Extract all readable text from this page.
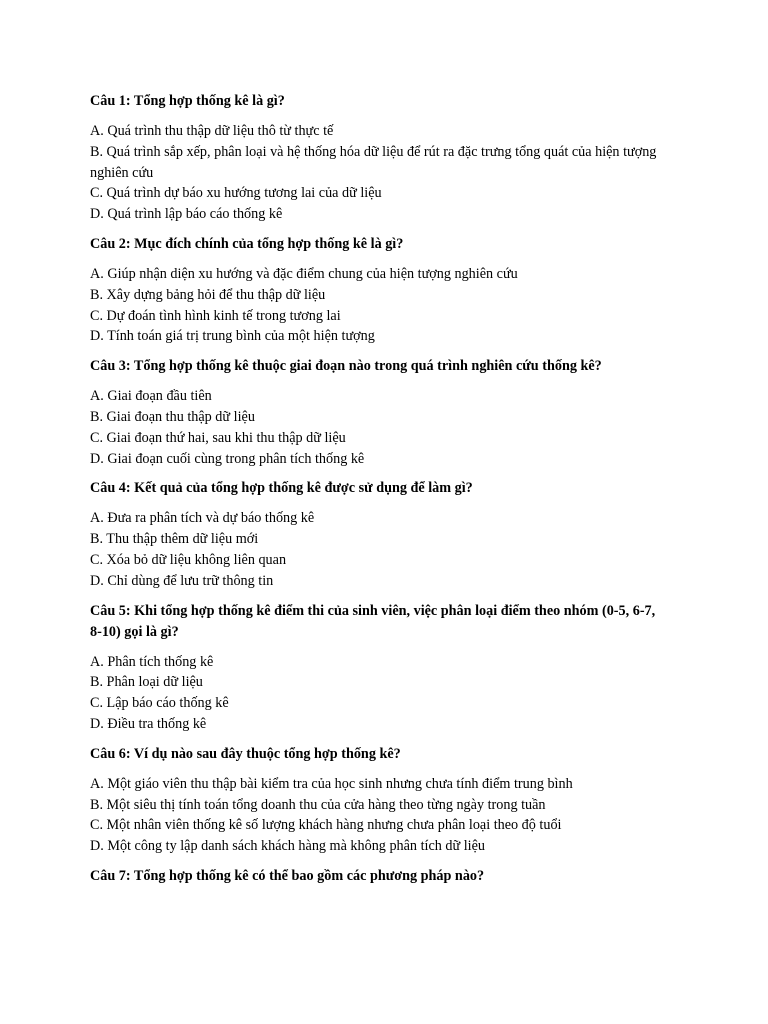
Câu 1: Tổng hợp thống kê là gì?
A. Quá trình thu thập dữ liệu thô từ thực tế
B. Quá trình sắp xếp, phân loại và hệ thống hóa dữ liệu để rút ra đặc trưng tổng quát của hiện tượng nghiên cứu
C. Quá trình dự báo xu hướng tương lai của dữ liệu
D. Quá trình lập báo cáo thống kê
Câu 2: Mục đích chính của tổng hợp thống kê là gì?
A. Giúp nhận diện xu hướng và đặc điểm chung của hiện tượng nghiên cứu
B. Xây dựng bảng hỏi để thu thập dữ liệu
C. Dự đoán tình hình kinh tế trong tương lai
D. Tính toán giá trị trung bình của một hiện tượng
Câu 3: Tổng hợp thống kê thuộc giai đoạn nào trong quá trình nghiên cứu thống kê?
A. Giai đoạn đầu tiên
B. Giai đoạn thu thập dữ liệu
C. Giai đoạn thứ hai, sau khi thu thập dữ liệu
D. Giai đoạn cuối cùng trong phân tích thống kê
Câu 4: Kết quả của tổng hợp thống kê được sử dụng để làm gì?
A. Đưa ra phân tích và dự báo thống kê
B. Thu thập thêm dữ liệu mới
C. Xóa bỏ dữ liệu không liên quan
D. Chỉ dùng để lưu trữ thông tin
Câu 5: Khi tổng hợp thống kê điểm thi của sinh viên, việc phân loại điểm theo nhóm (0-5, 6-7, 8-10) gọi là gì?
A. Phân tích thống kê
B. Phân loại dữ liệu
C. Lập báo cáo thống kê
D. Điều tra thống kê
Câu 6: Ví dụ nào sau đây thuộc tổng hợp thống kê?
A. Một giáo viên thu thập bài kiểm tra của học sinh nhưng chưa tính điểm trung bình
B. Một siêu thị tính toán tổng doanh thu của cửa hàng theo từng ngày trong tuần
C. Một nhân viên thống kê số lượng khách hàng nhưng chưa phân loại theo độ tuổi
D. Một công ty lập danh sách khách hàng mà không phân tích dữ liệu
Câu 7: Tổng hợp thống kê có thể bao gồm các phương pháp nào?
